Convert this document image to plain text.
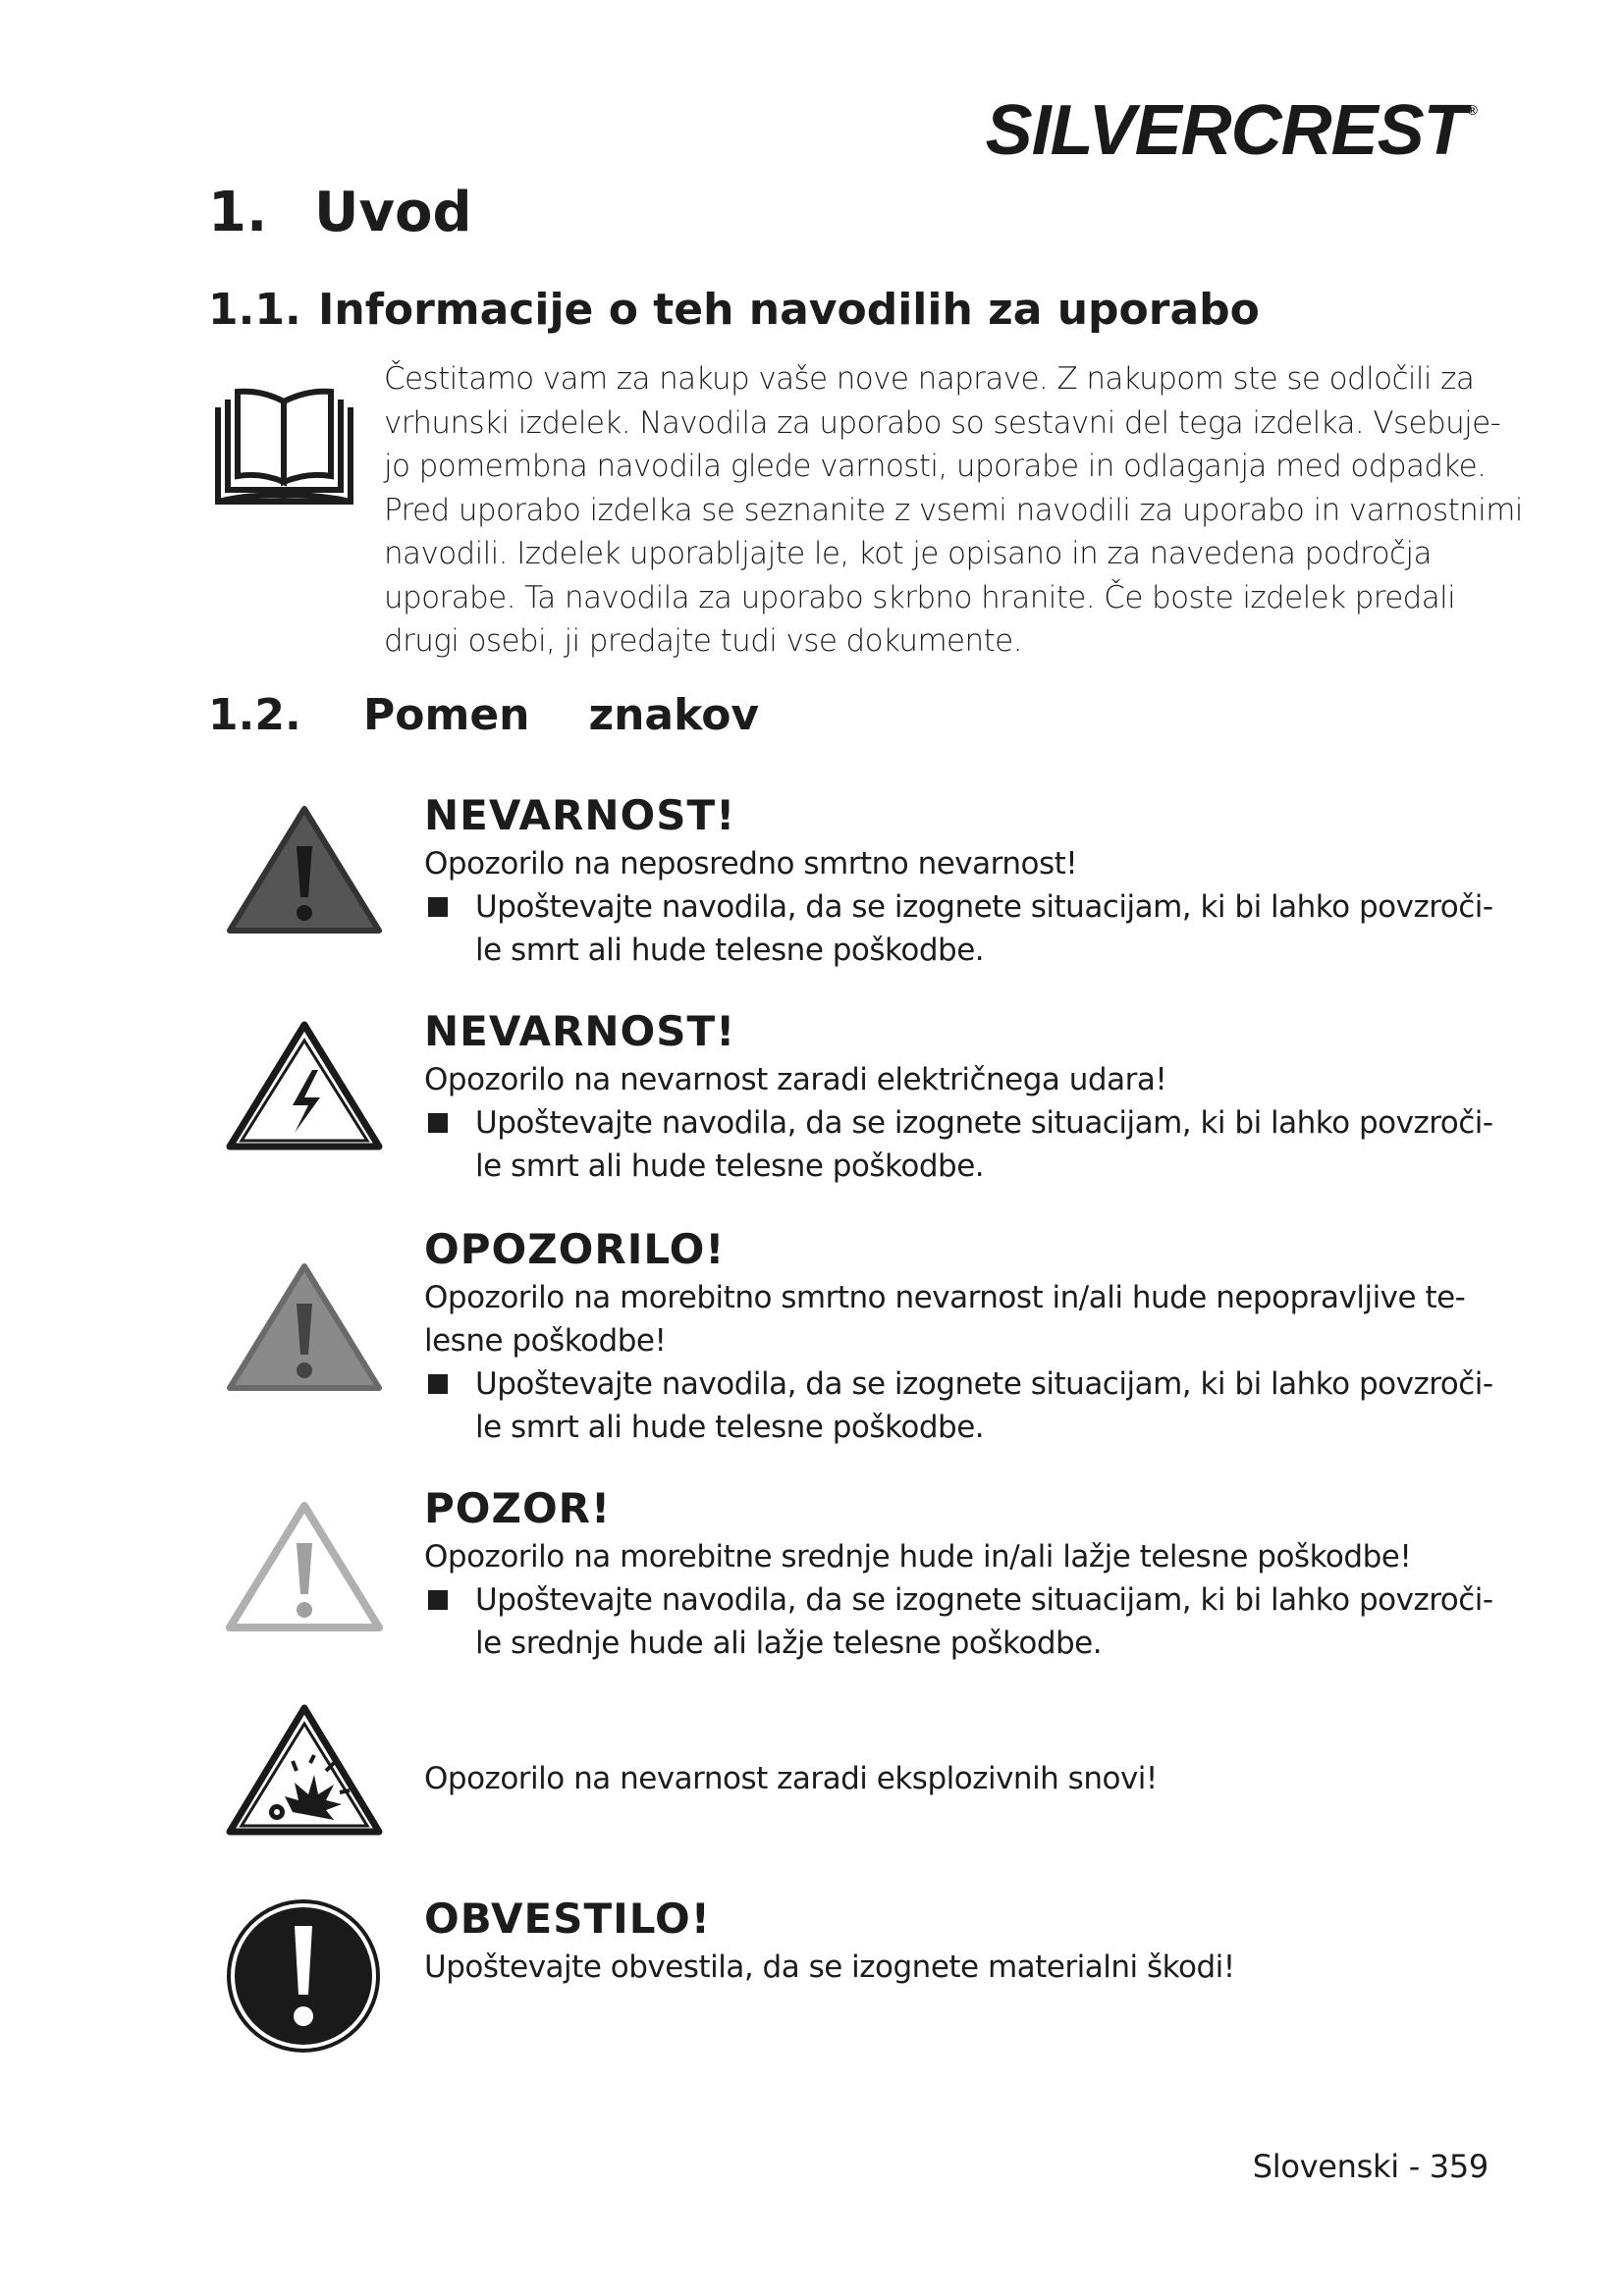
SILVERCREST ®
1. Uvod
1.1. Informacije o teh navodilih za uporabo
Čestitamo vam za nakup vaše nove naprave. Z nakupom ste se odločili za
vrhunski izdelek. Navodila za uporabo so sestavni del tega izdelka. Vsebuje-
jo pomembna navodila glede varnosti, uporabe in odlaganja med odpadke.
Pred uporabo izdelka se seznanite z vsemi navodili za uporabo in varnostnimi
navodili. Izdelek uporabljajte le, kot je opisano in za navedena področja
uporabe. Ta navodila za uporabo skrbno hranite. Če boste izdelek predali
drugi osebi, ji predajte tudi vse dokumente.
1.2. Pomen znakov
NEVARNOST!
Opozorilo na neposredno smrtno nevarnost!
Upoštevajte navodila, da se izognete situacijam, ki bi lahko povzroči-
le smrt ali hude telesne poškodbe.
NEVARNOST!
Opozorilo na nevarnost zaradi električnega udara!
Upoštevajte navodila, da se izognete situacijam, ki bi lahko povzroči-
le smrt ali hude telesne poškodbe.
OPOZORILO!
Opozorilo na morebitno smrtno nevarnost in/ali hude nepopravljive te-
lesne poškodbe!
Upoštevajte navodila, da se izognete situacijam, ki bi lahko povzroči-
le smrt ali hude telesne poškodbe.
POZOR!
Opozorilo na morebitne srednje hude in/ali lažje telesne poškodbe!
Upoštevajte navodila, da se izognete situacijam, ki bi lahko povzroči-
le srednje hude ali lažje telesne poškodbe.
Opozorilo na nevarnost zaradi eksplozivnih snovi!
OBVESTILO!
Upoštevajte obvestila, da se izognete materialni škodi!
Slovenski - 359
